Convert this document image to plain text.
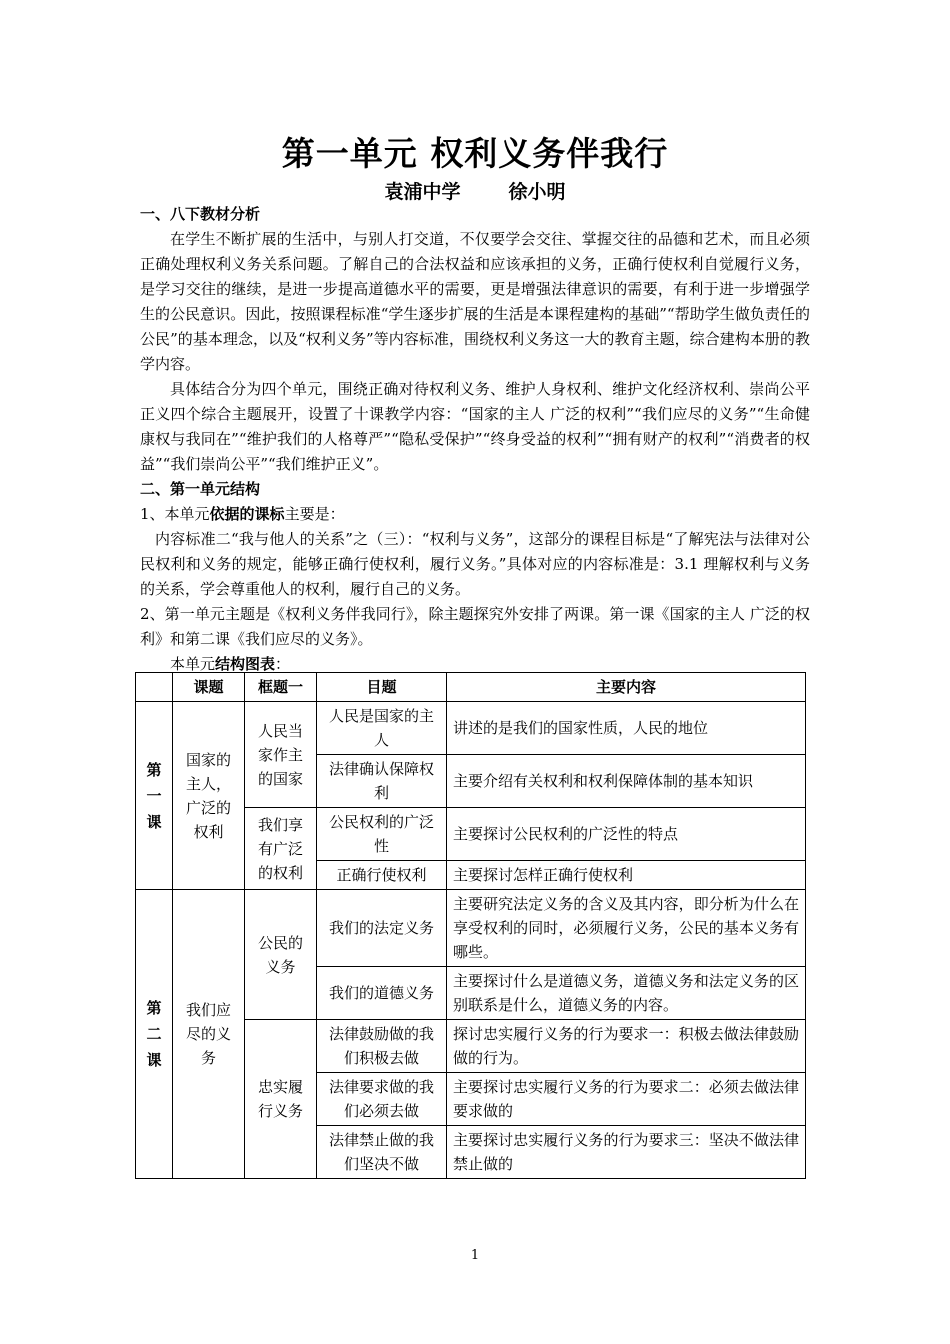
第一单元 权利义务伴我行
袁浦中学	徐小明

一、八下教材分析

在学生不断扩展的生活中，与别人打交道，不仅要学会交往、掌握交往的品德和艺术，而且必须正确处理权利义务关系问题。了解自己的合法权益和应该承担的义务，正确行使权利自觉履行义务，是学习交往的继续，是进一步提高道德水平的需要，更是增强法律意识的需要，有利于进一步增强学生的公民意识。因此，按照课程标准“学生逐步扩展的生活是本课程建构的基础”“帮助学生做负责任的公民”的基本理念，以及“权利义务”等内容标准，围绕权利义务这一大的教育主题，综合建构本册的教学内容。

具体结合分为四个单元，围绕正确对待权利义务、维护人身权利、维护文化经济权利、崇尚公平正义四个综合主题展开，设置了十课教学内容：“国家的主人 广泛的权利”“我们应尽的义务”“生命健康权与我同在”“维护我们的人格尊严”“隐私受保护”“终身受益的权利”“拥有财产的权利”“消费者的权益”“我们崇尚公平”“我们维护正义”。

二、第一单元结构

1、本单元依据的课标主要是：

内容标准二“我与他人的关系”之（三）：“权利与义务”，这部分的课程目标是“了解宪法与法律对公民权利和义务的规定，能够正确行使权利，履行义务。”具体对应的内容标准是：3.1 理解权利与义务的关系，学会尊重他人的权利，履行自己的义务。

2、第一单元主题是《权利义务伴我同行》，除主题探究外安排了两课。第一课《国家的主人 广泛的权利》和第二课《我们应尽的义务》。

本单元结构图表：

	课题	框题一	目题	主要内容

第
一
课	国家的主人，广泛的权利	人民当家作主的国家	人民是国家的主人	讲述的是我们的国家性质，人民的地位
			法律确认保障权利	主要介绍有关权利和权利保障体制的基本知识
		我们享有广泛的权利	公民权利的广泛性	主要探讨公民权利的广泛性的特点
			正确行使权利	主要探讨怎样正确行使权利

第
二
课	我们应尽的义务	公民的义务	我们的法定义务	主要研究法定义务的含义及其内容，即分析为什么在享受权利的同时，必须履行义务，公民的基本义务有哪些。
			我们的道德义务	主要探讨什么是道德义务，道德义务和法定义务的区别联系是什么，道德义务的内容。
		忠实履行义务	法律鼓励做的我们积极去做	探讨忠实履行义务的行为要求一：积极去做法律鼓励做的行为。
			法律要求做的我们必须去做	主要探讨忠实履行义务的行为要求二：必须去做法律要求做的
			法律禁止做的我们坚决不做	主要探讨忠实履行义务的行为要求三：坚决不做法律禁止做的
1
